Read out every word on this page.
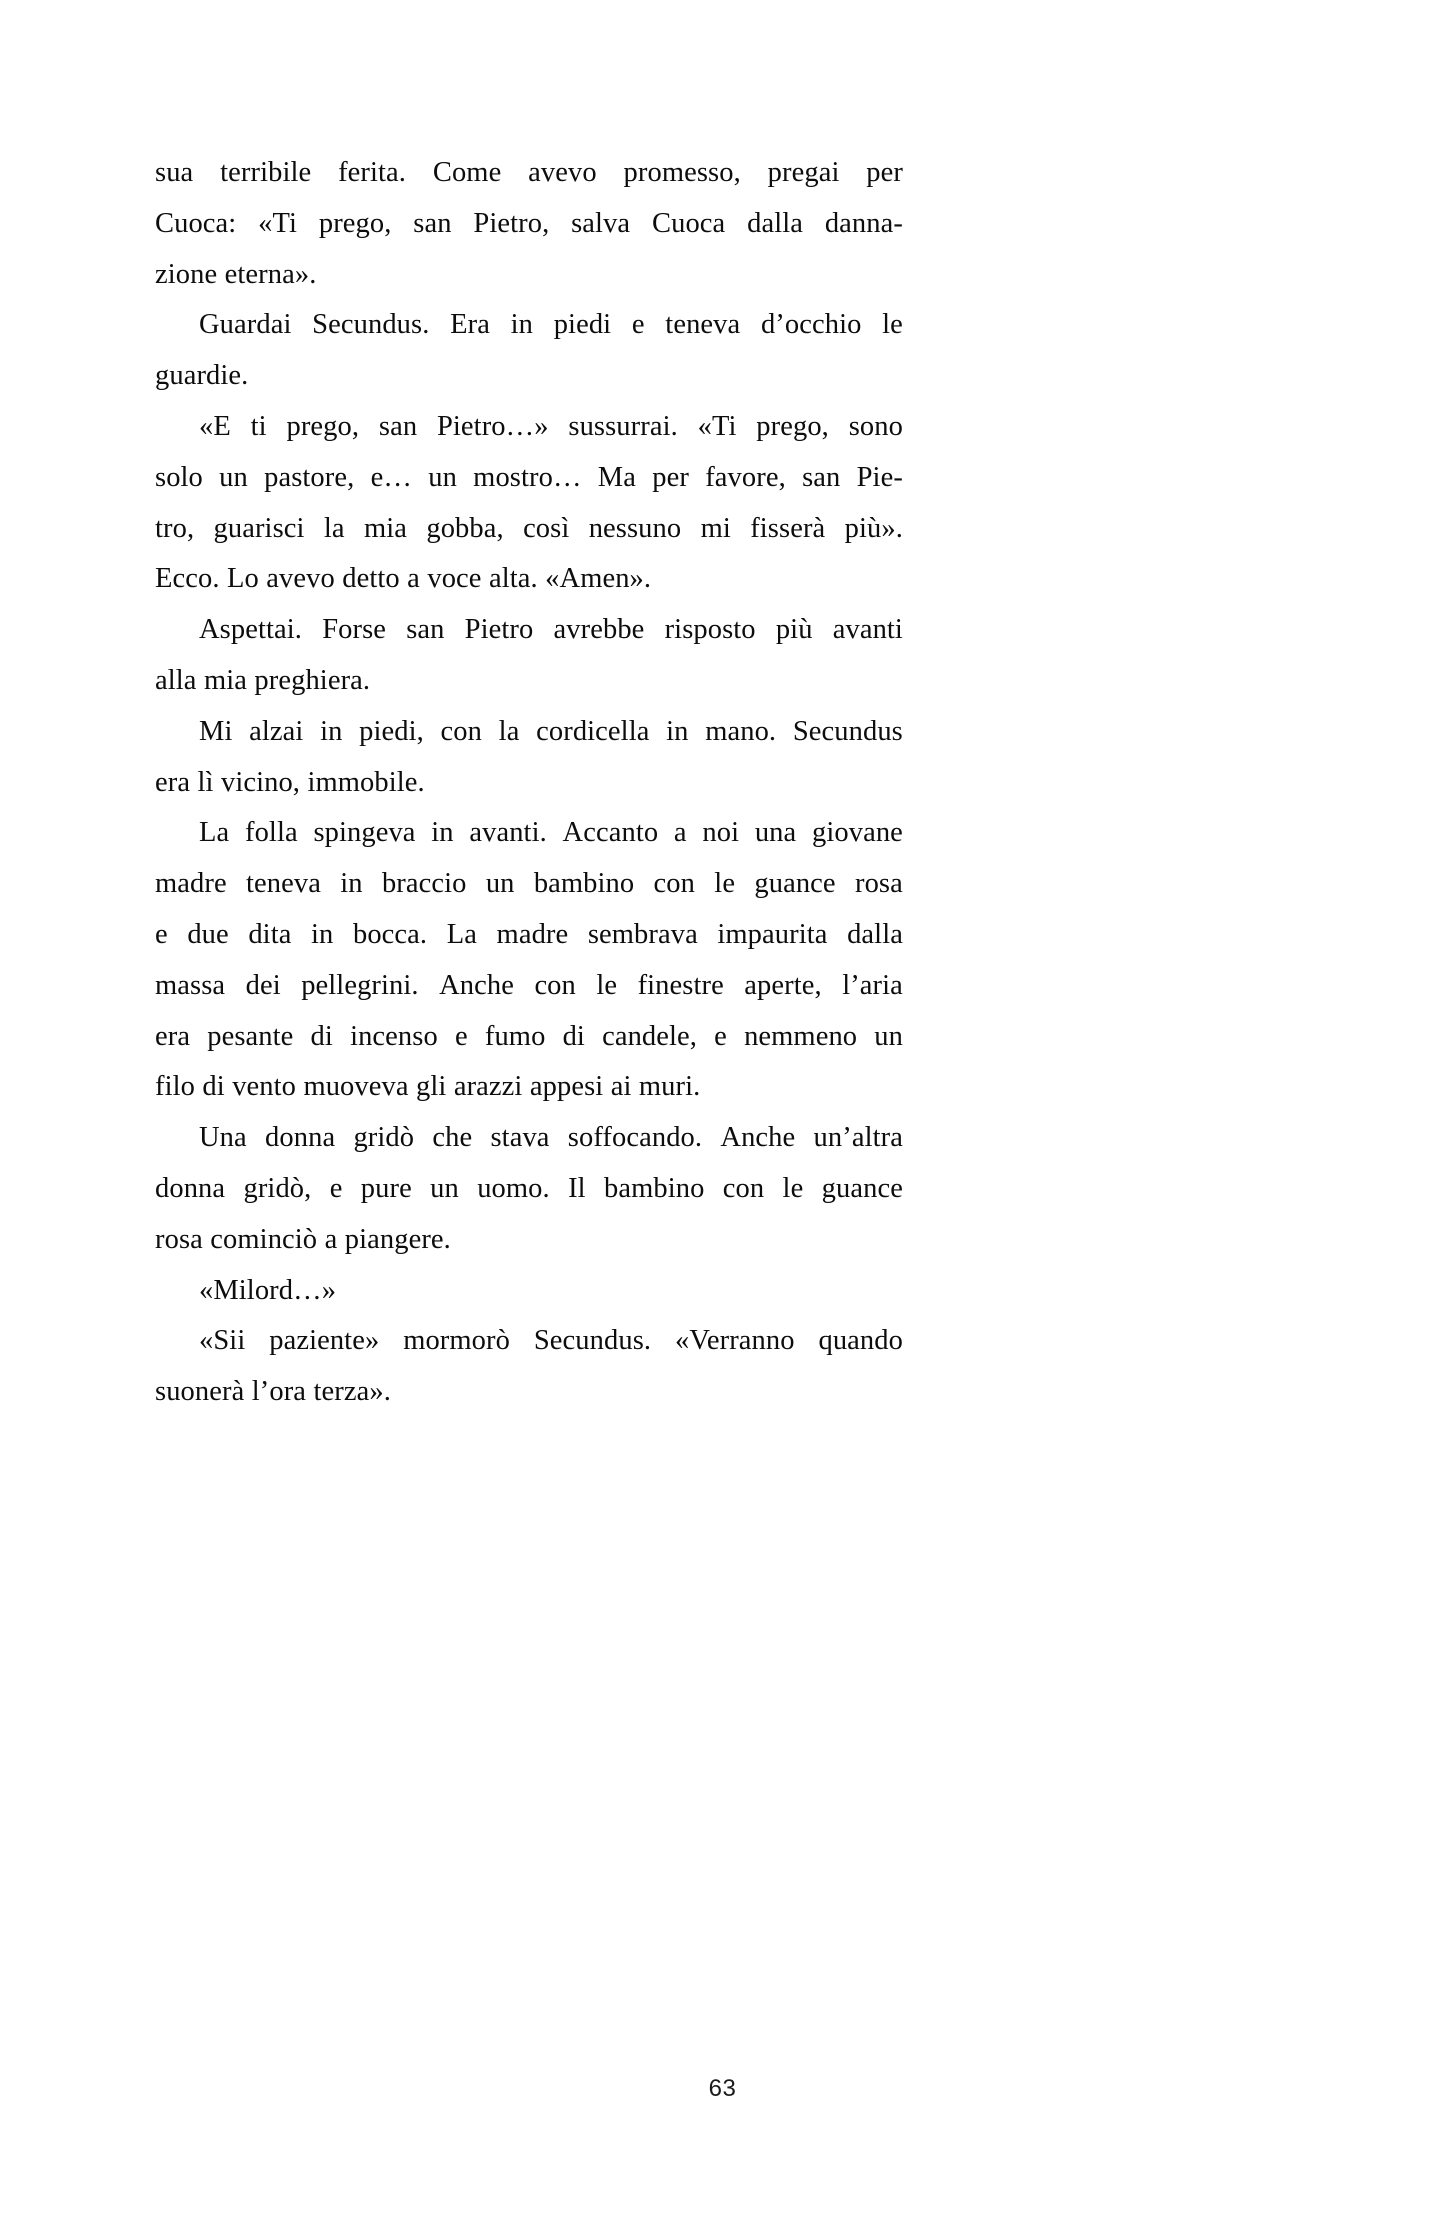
sua terribile ferita. Come avevo promesso, pregai per
Cuoca: «Ti prego, san Pietro, salva Cuoca dalla danna-
zione eterna».

Guardai Secundus. Era in piedi e teneva d’occhio le
guardie.

«E ti prego, san Pietro…» sussurrai. «Ti prego, sono
solo un pastore, e… un mostro… Ma per favore, san Pie-
tro, guarisci la mia gobba, così nessuno mi fisserà più».
Ecco. Lo avevo detto a voce alta. «Amen».

Aspettai. Forse san Pietro avrebbe risposto più avanti
alla mia preghiera.

Mi alzai in piedi, con la cordicella in mano. Secundus
era lì vicino, immobile.

La folla spingeva in avanti. Accanto a noi una giovane
madre teneva in braccio un bambino con le guance rosa
e due dita in bocca. La madre sembrava impaurita dalla
massa dei pellegrini. Anche con le finestre aperte, l’aria
era pesante di incenso e fumo di candele, e nemmeno un
filo di vento muoveva gli arazzi appesi ai muri.

Una donna gridò che stava soffocando. Anche un’altra
donna gridò, e pure un uomo. Il bambino con le guance
rosa cominciò a piangere.

«Milord…»

«Sii paziente» mormorò Secundus. «Verranno quando
suonerà l’ora terza».

63
